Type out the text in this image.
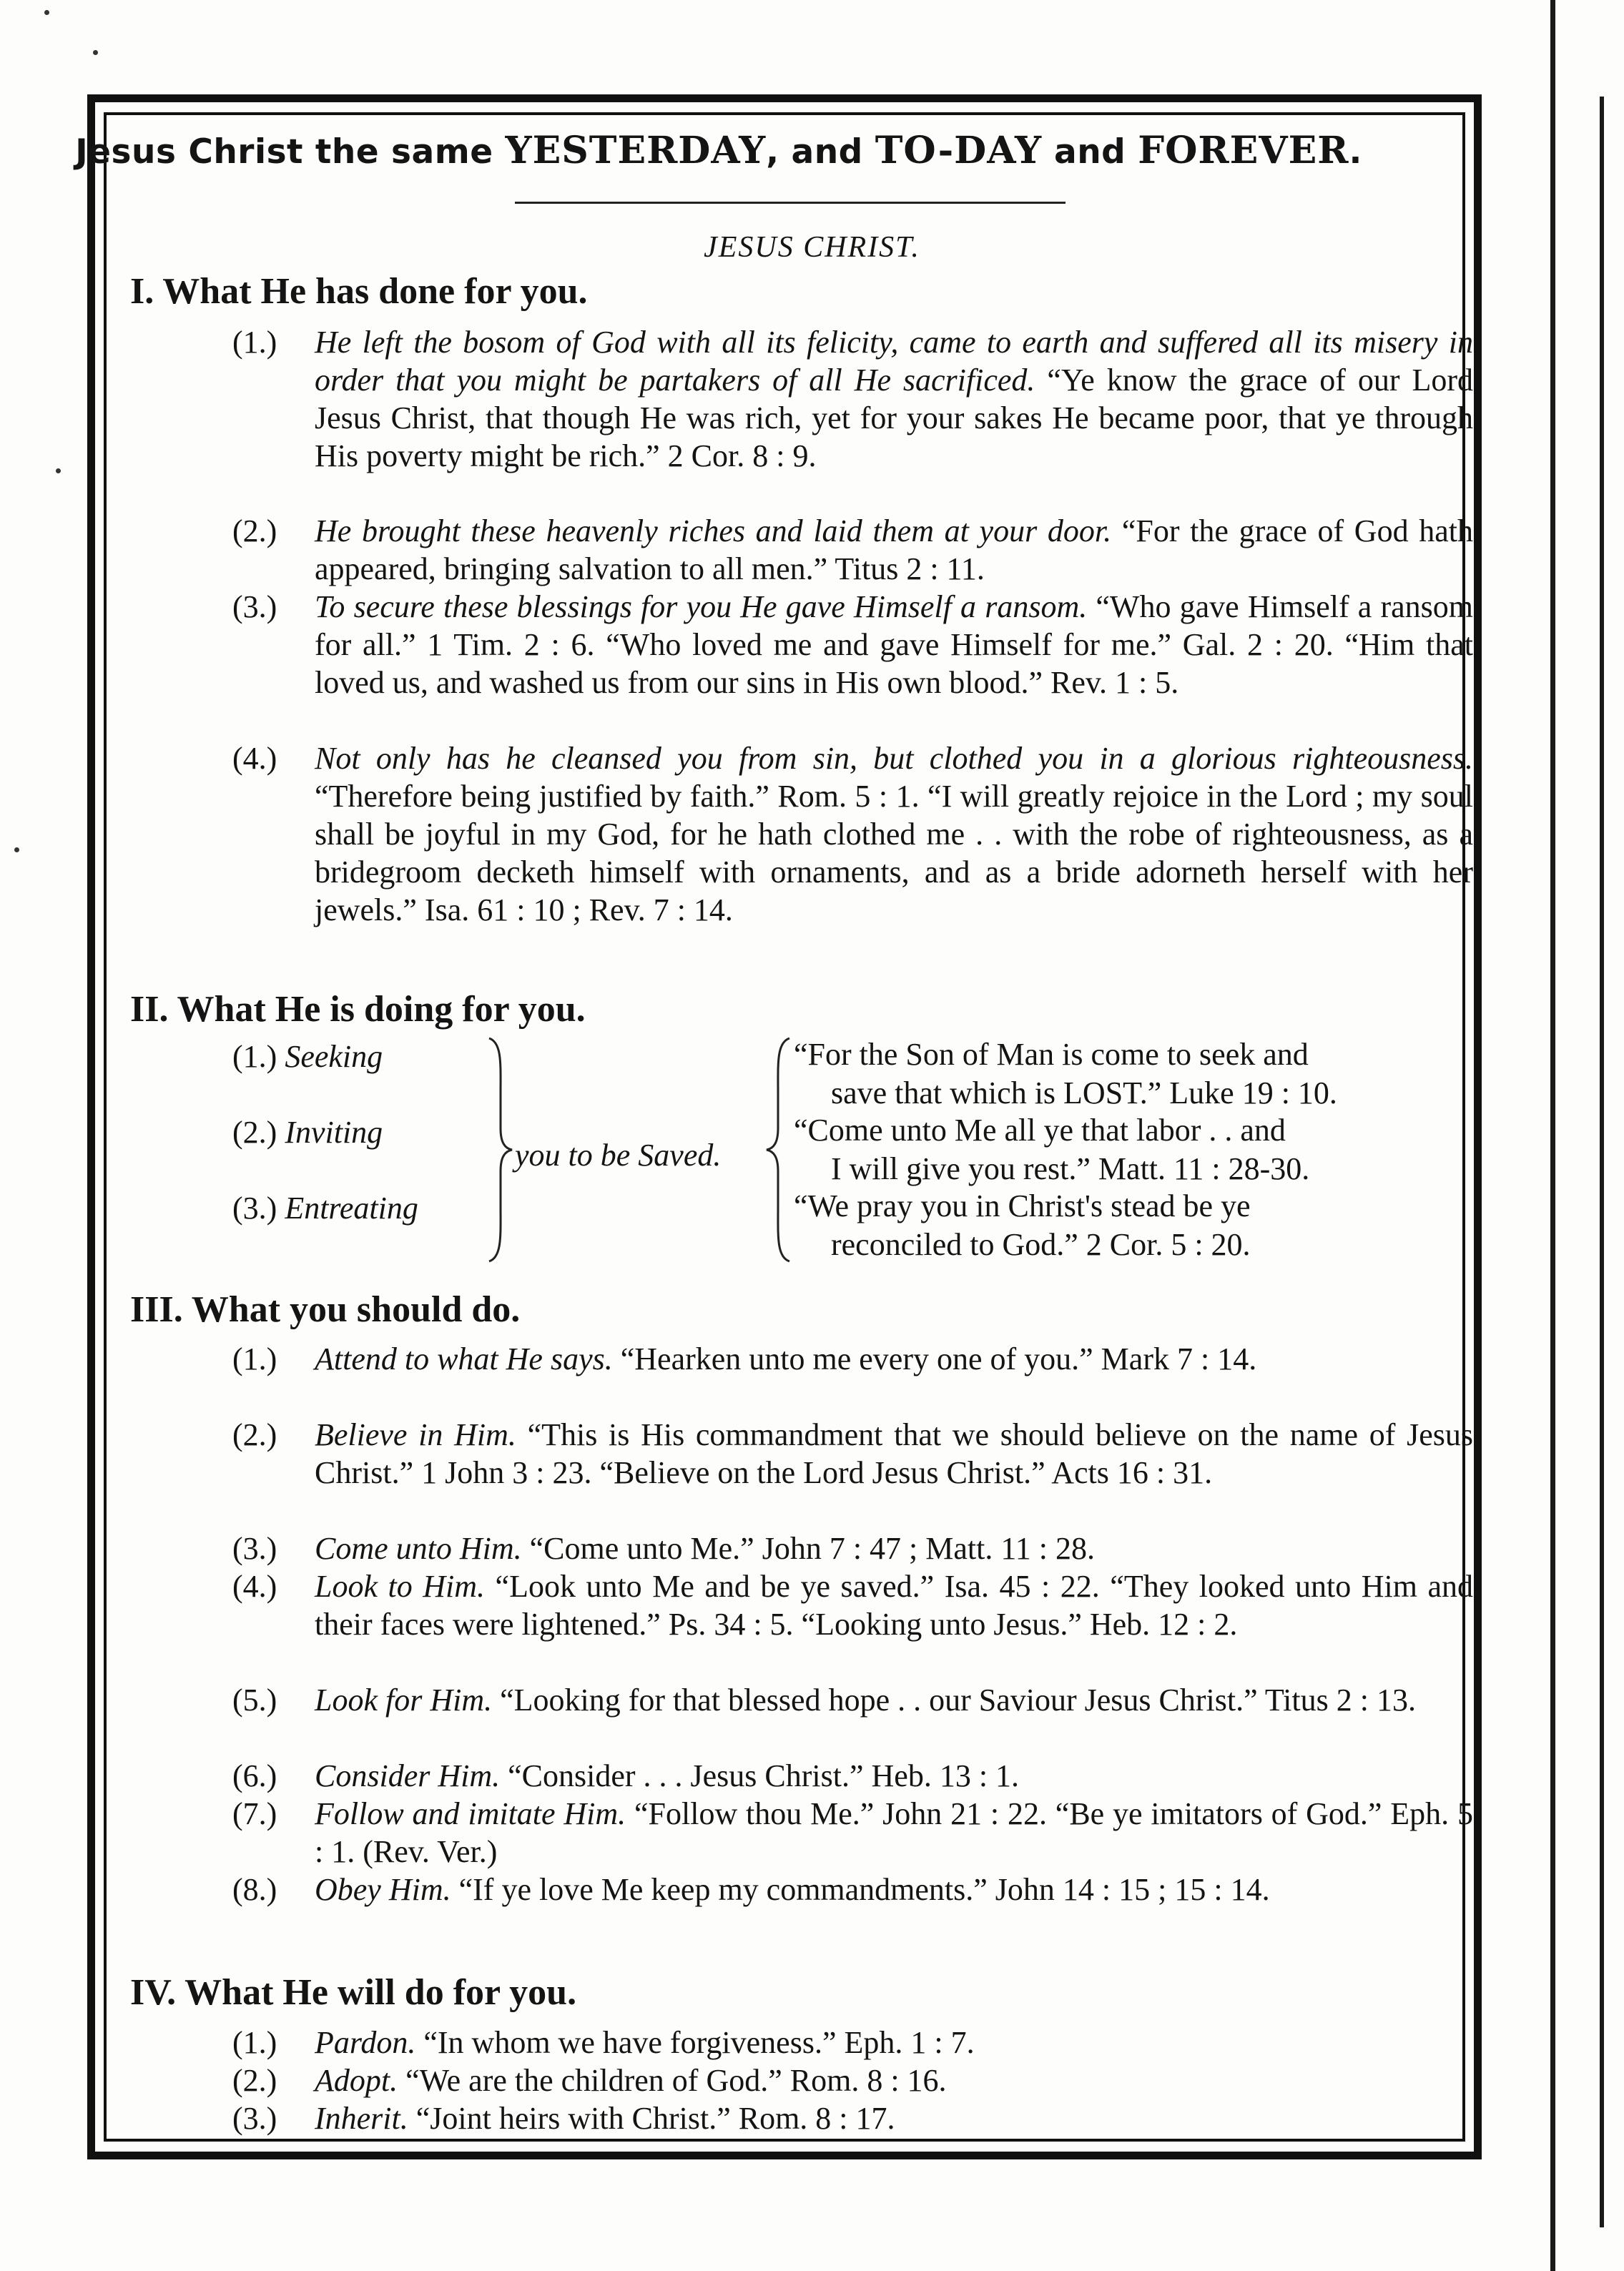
Jesus Christ the same YESTERDAY, and TO-DAY and FOREVER.
JESUS CHRIST.
I. What He has done for you.
(1.) He left the bosom of God with all its felicity, came to earth and suffered all its misery in order that you might be partakers of all He sacrificed. “Ye know the grace of our Lord Jesus Christ, that though He was rich, yet for your sakes He became poor, that ye through His poverty might be rich.” 2 Cor. 8 : 9.
(2.) He brought these heavenly riches and laid them at your door. “For the grace of God hath appeared, bringing salvation to all men.” Titus 2 : 11.
(3.) To secure these blessings for you He gave Himself a ransom. “Who gave Himself a ransom for all.” 1 Tim. 2 : 6. “Who loved me and gave Himself for me.” Gal. 2 : 20. “Him that loved us, and washed us from our sins in His own blood.” Rev. 1 : 5.
(4.) Not only has he cleansed you from sin, but clothed you in a glorious righteousness. “Therefore being justified by faith.” Rom. 5 : 1. “I will greatly rejoice in the Lord ; my soul shall be joyful in my God, for he hath clothed me . . with the robe of righteousness, as a bridegroom decketh himself with ornaments, and as a bride adorneth herself with her jewels.” Isa. 61 : 10 ; Rev. 7 : 14.
II. What He is doing for you.
(1.) Seeking
(2.) Inviting
(3.) Entreating
you to be Saved.
“For the Son of Man is come to seek and
save that which is LOST.” Luke 19 : 10.
“Come unto Me all ye that labor . . and
I will give you rest.” Matt. 11 : 28-30.
“We pray you in Christ's stead be ye
reconciled to God.” 2 Cor. 5 : 20.
III. What you should do.
(1.) Attend to what He says. “Hearken unto me every one of you.” Mark 7 : 14.
(2.) Believe in Him. “This is His commandment that we should believe on the name of Jesus Christ.” 1 John 3 : 23. “Believe on the Lord Jesus Christ.” Acts 16 : 31.
(3.) Come unto Him. “Come unto Me.” John 7 : 47 ; Matt. 11 : 28.
(4.) Look to Him. “Look unto Me and be ye saved.” Isa. 45 : 22. “They looked unto Him and their faces were lightened.” Ps. 34 : 5. “Looking unto Jesus.” Heb. 12 : 2.
(5.) Look for Him. “Looking for that blessed hope . . our Saviour Jesus Christ.” Titus 2 : 13.
(6.) Consider Him. “Consider . . . Jesus Christ.” Heb. 13 : 1.
(7.) Follow and imitate Him. “Follow thou Me.” John 21 : 22. “Be ye imitators of God.” Eph. 5 : 1. (Rev. Ver.)
(8.) Obey Him. “If ye love Me keep my commandments.” John 14 : 15 ; 15 : 14.
IV. What He will do for you.
(1.) Pardon. “In whom we have forgiveness.” Eph. 1 : 7.
(2.) Adopt. “We are the children of God.” Rom. 8 : 16.
(3.) Inherit. “Joint heirs with Christ.” Rom. 8 : 17.
